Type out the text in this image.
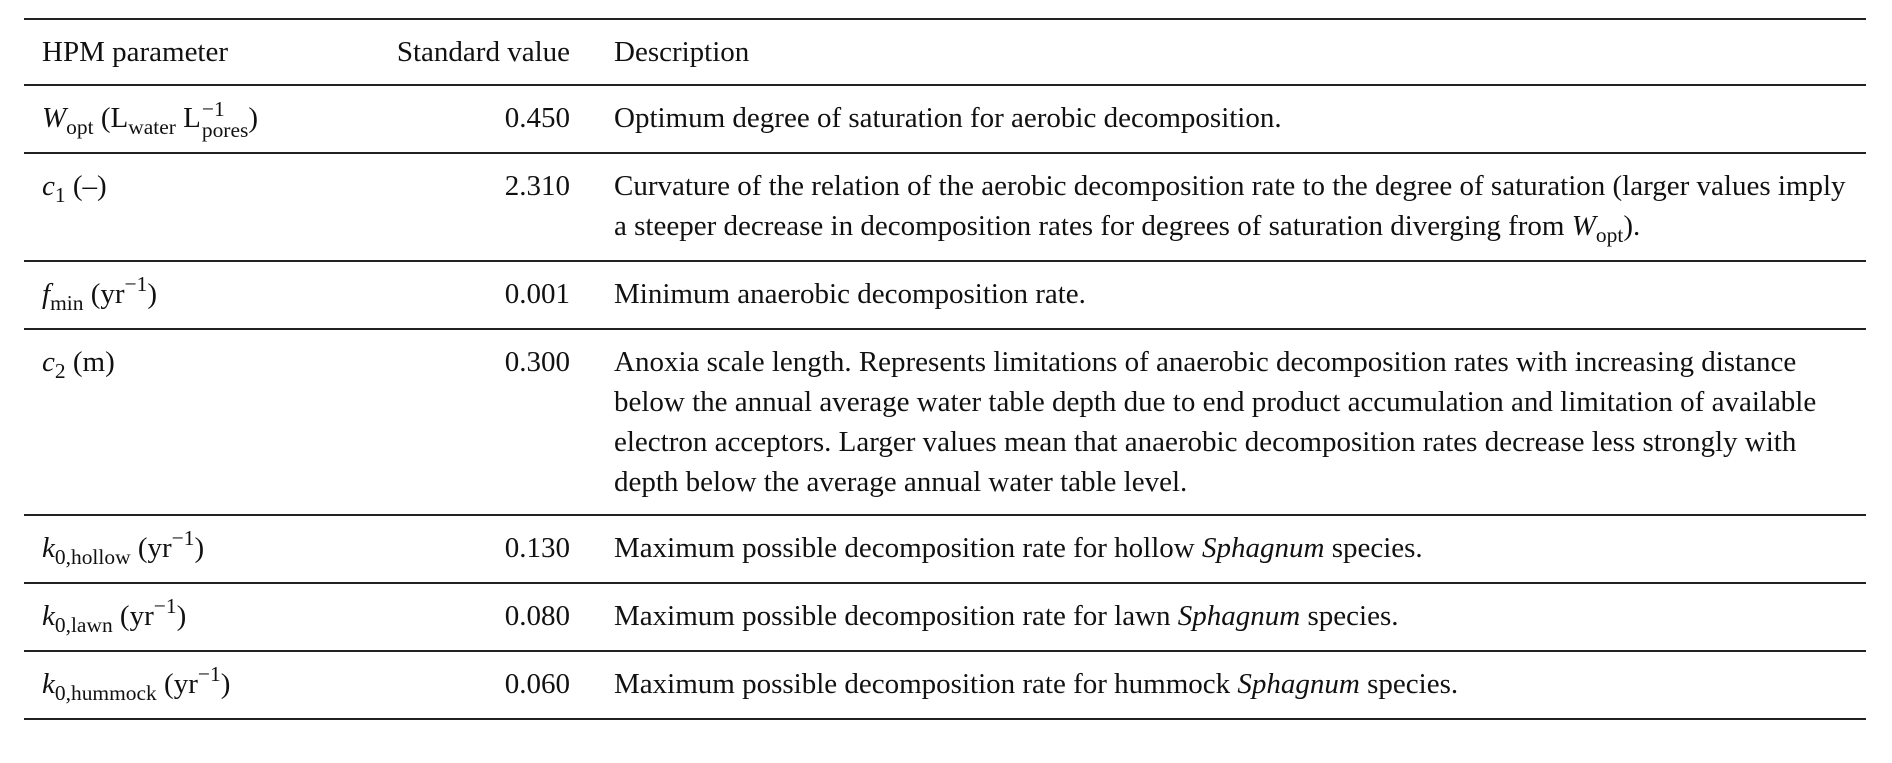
HPM parameter	Standard value	Description
$W_{opt}$ ($L_{water}$ L −1
pores )	0.450	Optimum degree of saturation for aerobic decomposition.
$c_1$ (–)	2.310	Curvature of the relation of the aerobic decomposition rate to the degree of saturation (larger values imply a steeper decrease in decomposition rates for degrees of saturation diverging from $W_{opt}$).
$f_{min}$ $(yr^{-1})$	0.001	Minimum anaerobic decomposition rate.
$c_2$ (m)	0.300	Anoxia scale length. Represents limitations of anaerobic decomposition rates with increasing distance below the annual average water table depth due to end product accumulation and limitation of available electron acceptors. Larger values mean that anaerobic decomposition rates decrease less strongly with depth below the average annual water table level.
$k_{0,hollow}$ $(yr^{-1})$	0.130	Maximum possible decomposition rate for hollow Sphagnum species.
$k_{0,lawn}$ $(yr^{-1})$	0.080	Maximum possible decomposition rate for lawn Sphagnum species.
$k_{0,hummock}$ $(yr^{-1})$	0.060	Maximum possible decomposition rate for hummock Sphagnum species.
